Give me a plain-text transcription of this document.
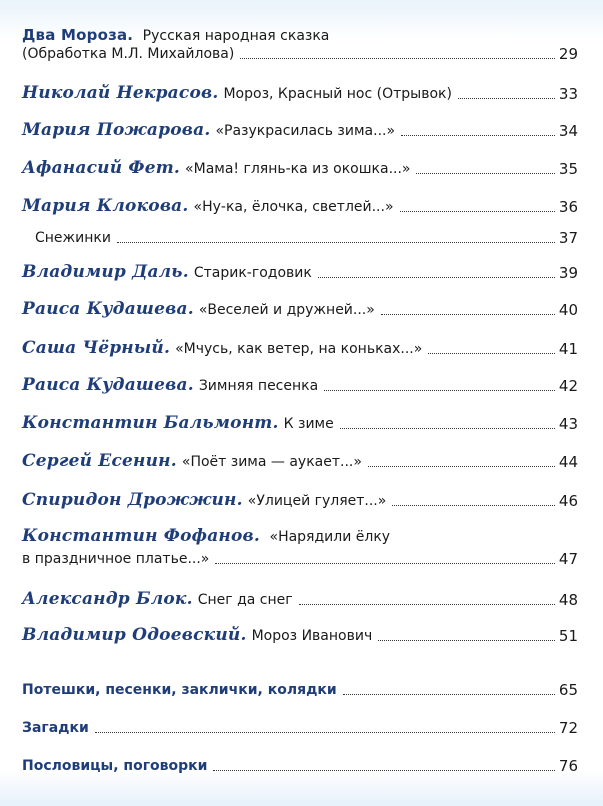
Два Мороза. Русская народная сказка
(Обработка М.Л. Михайлова)	29
Николай Некрасов. Мороз, Красный нос (Отрывок)	33
Мария Пожарова. «Разукрасилась зима...»	34
Афанасий Фет. «Мама! глянь-ка из окошка...»	35
Мария Клокова. «Ну-ка, ёлочка, светлей...»	36
Снежинки	37
Владимир Даль. Старик-годовик	39
Раиса Кудашева. «Веселей и дружней...»	40
Саша Чёрный. «Мчусь, как ветер, на коньках...»	41
Раиса Кудашева. Зимняя песенка	42
Константин Бальмонт. К зиме	43
Сергей Есенин. «Поёт зима — аукает...»	44
Спиридон Дрожжин. «Улицей гуляет...»	46
Константин Фофанов. «Нарядили ёлку
в праздничное платье...»	47
Александр Блок. Снег да снег	48
Владимир Одоевский. Мороз Иванович	51
Потешки, песенки, заклички, колядки	65
Загадки	72
Пословицы, поговорки	76
